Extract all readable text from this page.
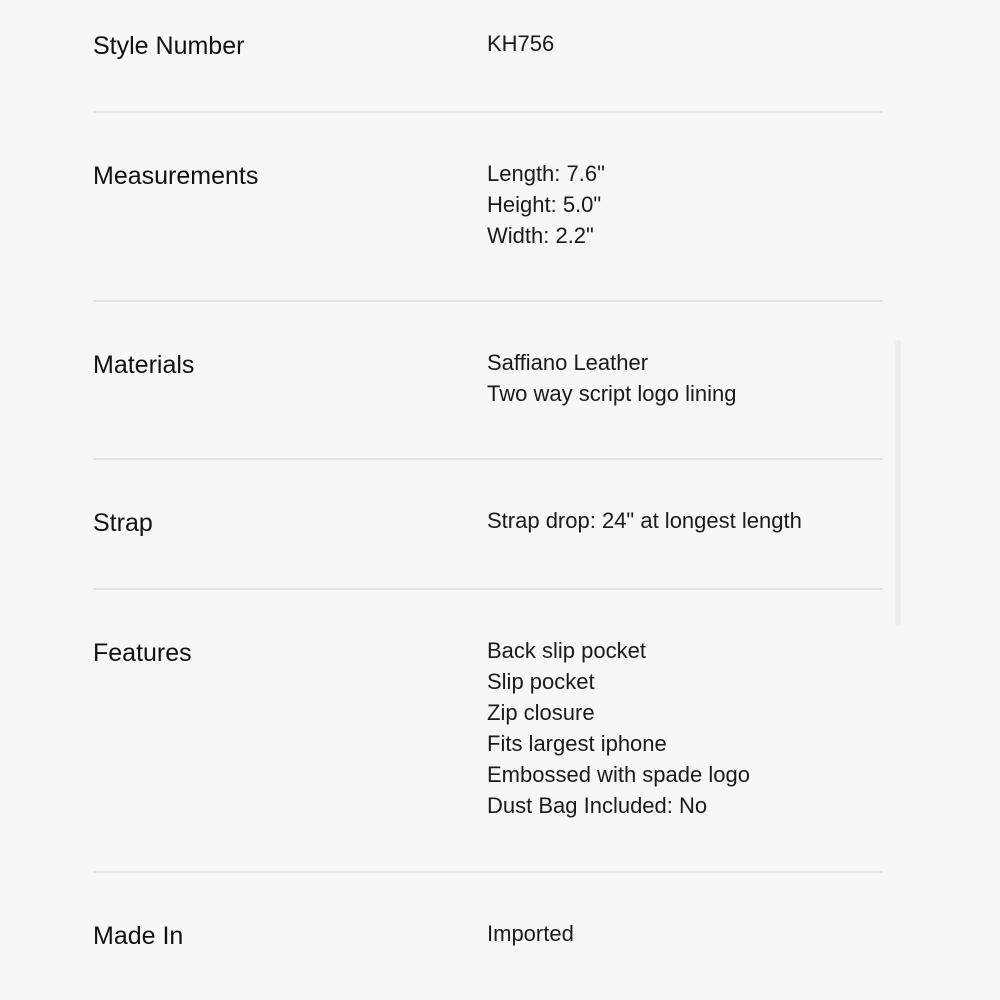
Style Number	KH756
Measurements	Length: 7.6"
Height: 5.0"
Width: 2.2"
Materials	Saffiano Leather
Two way script logo lining
Strap	Strap drop: 24" at longest length
Features	Back slip pocket
Slip pocket
Zip closure
Fits largest iphone
Embossed with spade logo
Dust Bag Included: No
Made In	Imported
